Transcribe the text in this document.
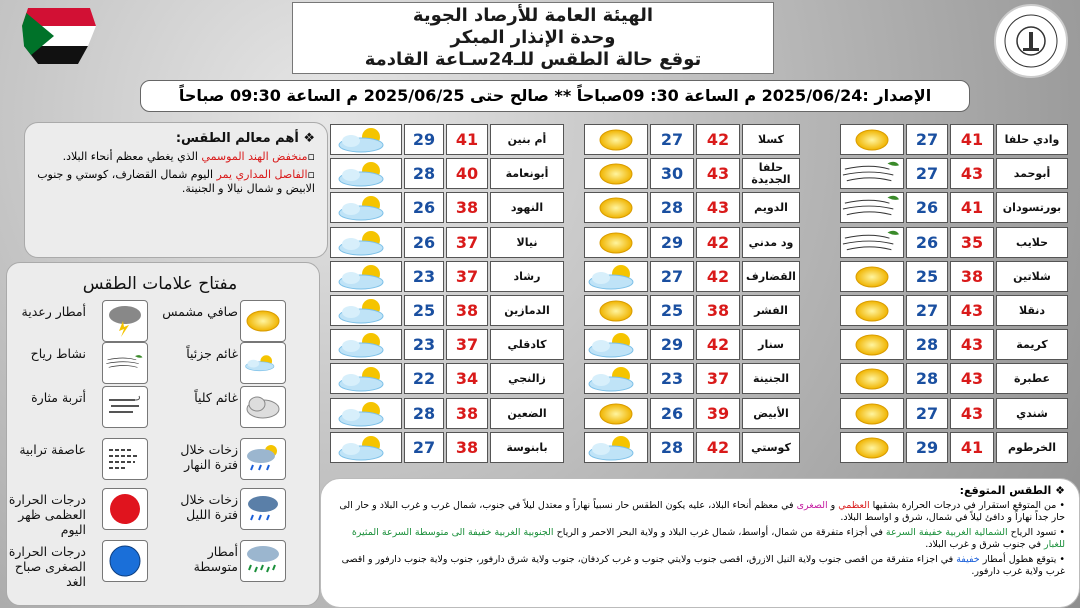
الهيئة العامة للأرصاد الجوية
وحدة الإنذار المبكر
توقع حالة الطقس للـ24سـاعة القادمة
الإصدار :2025/06/24 م الساعة 30: 09صباحاً ** صالح حتى 2025/06/25 م الساعة 09:30 صباحاً
❖ أهم معالم الطقس:

▫منخفض الهند الموسمي الذي يغطي معظم أنحاء البلاد.

▫الفاصل المداري يمر اليوم شمال القضارف، كوستي و جنوب الابيض و شمال نيالا و الجنينة.

مفتاح علامات الطقس
صافي مشمس
أمطار رعدية
غائم جزئياً
نشاط رياح
غائم كلياً
أتربة مثارة
زخات خلال فترة النهار
عاصفة ترابية
زخات خلال فترة الليل
درجات الحرارة العظمى ظهر اليوم
أمطار متوسطة
درجات الحرارة الصغرى صباح الغد
27	41	وادي حلفا
27	43	أبوحمد
26	41	بورتسودان
26	35	حلايب
25	38	شلاتين
27	43	دنقلا
28	43	كريمة
28	43	عطبرة
27	43	شندي
29	41	الخرطوم
27	42	كسلا
30	43	حلفا الجديدة
28	43	الدويم
29	42	ود مدني
27	42	القضارف
25	38	الفشر
29	42	سنار
23	37	الجنينة
26	39	الأبيض
28	42	كوستي
29	41	أم بنين
28	40	أبونعامة
26	38	النهود
26	37	نيالا
23	37	رشاد
25	38	الدمازين
23	37	كادقلي
22	34	زالنجي
28	38	الضعين
27	38	بابنوسة
❖ الطقس المتوقع:

• من المتوقع استقرار في درجات الحرارة بشقيها العظمي و الصغرى في معظم أنحاء البلاد، عليه يكون الطقس حار نسبياً نهاراً و معتدل ليلاً في جنوب، شمال غرب و غرب البلاد و حار الى حار جداً نهاراً و دافئ ليلاً في شمال، شرق و اواسط البلاد.

• تسود الرياح الشمالية الغربية خفيفة السرعة في أجزاء متفرقة من شمال، أواسط، شمال غرب البلاد و ولاية البحر الاحمر و الرياح الجنوبية الغربية خفيفة الى متوسطة السرعة المثيرة للغبار في جنوب شرق و غرب البلاد.

• يتوقع هطول أمطار خفيفة في اجزاء متفرقة من اقصى جنوب ولاية النيل الازرق، اقصى جنوب ولايتي جنوب و غرب كردفان، جنوب ولاية شرق دارفور، جنوب ولاية جنوب دارفور و اقصى غرب ولاية غرب دارفور.
